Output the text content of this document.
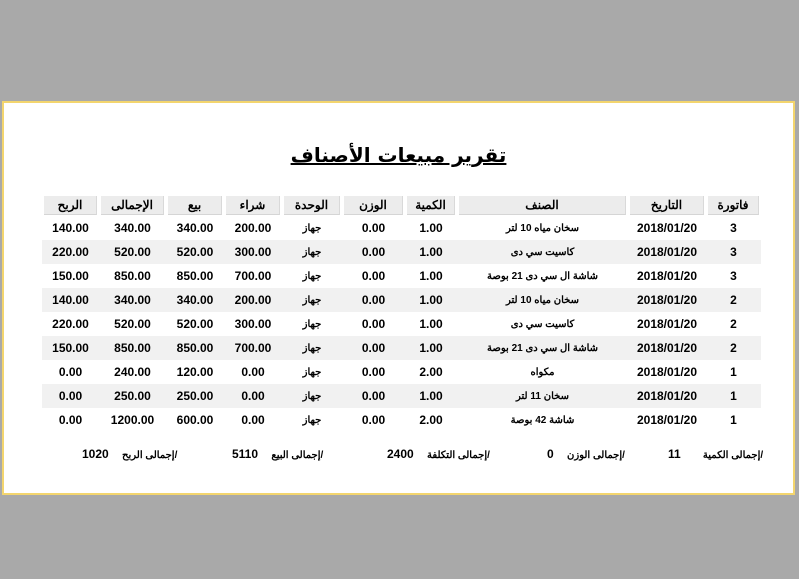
تقرير مبيعات الأصناف
الربح	الإجمالى	بيع	شراء	الوحدة	الوزن	الكمية	الصنف	التاريخ	فاتورة

140.00	340.00	340.00	200.00	جهاز	0.00	1.00	سخان مياه 10 لتر	2018/01/20	3
220.00	520.00	520.00	300.00	جهاز	0.00	1.00	كاسيت سي دى	2018/01/20	3
150.00	850.00	850.00	700.00	جهاز	0.00	1.00	شاشة ال سي دى 21 بوصة	2018/01/20	3
140.00	340.00	340.00	200.00	جهاز	0.00	1.00	سخان مياه 10 لتر	2018/01/20	2
220.00	520.00	520.00	300.00	جهاز	0.00	1.00	كاسيت سي دى	2018/01/20	2
150.00	850.00	850.00	700.00	جهاز	0.00	1.00	شاشة ال سي دى 21 بوصة	2018/01/20	2
0.00	240.00	120.00	0.00	جهاز	0.00	2.00	مكواه	2018/01/20	1
0.00	250.00	250.00	0.00	جهاز	0.00	1.00	سخان 11 لتر	2018/01/20	1
0.00	1200.00	600.00	0.00	جهاز	0.00	2.00	شاشة 42 بوصة	2018/01/20	1
1020 إجمالى الربح/	5110 إجمالى البيع/	2400 إجمالى التكلفة/	0 إجمالى الوزن/	11 إجمالى الكمية/
